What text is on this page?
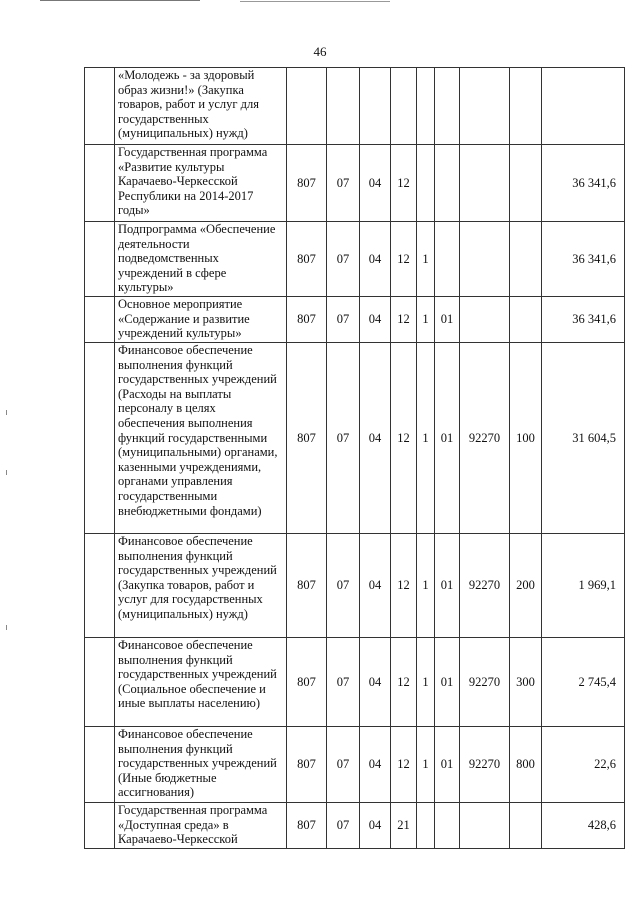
46
	«Молодежь - за здоровый образ жизни!» (Закупка товаров, работ и услуг для государственных (муниципальных) нужд)									
	Государственная программа «Развитие культуры Карачаево-Черкесской Республики на 2014-2017 годы»	807	07	04	12					36 341,6
	Подпрограмма «Обеспечение деятельности подведомственных учреждений в сфере культуры»	807	07	04	12	1				36 341,6
	Основное мероприятие «Содержание и развитие учреждений культуры»	807	07	04	12	1	01			36 341,6
	Финансовое обеспечение выполнения функций государственных учреждений (Расходы на выплаты персоналу в целях обеспечения выполнения функций государственными (муниципальными) органами, казенными учреждениями, органами управления государственными внебюджетными фондами)	807	07	04	12	1	01	92270	100	31 604,5
	Финансовое обеспечение выполнения функций государственных учреждений (Закупка товаров, работ и услуг для государственных (муниципальных) нужд)	807	07	04	12	1	01	92270	200	1 969,1
	Финансовое обеспечение выполнения функций государственных учреждений (Социальное обеспечение и иные выплаты населению)	807	07	04	12	1	01	92270	300	2 745,4
	Финансовое обеспечение выполнения функций государственных учреждений (Иные бюджетные ассигнования)	807	07	04	12	1	01	92270	800	22,6
	Государственная программа «Доступная среда» в Карачаево-Черкесской	807	07	04	21					428,6
